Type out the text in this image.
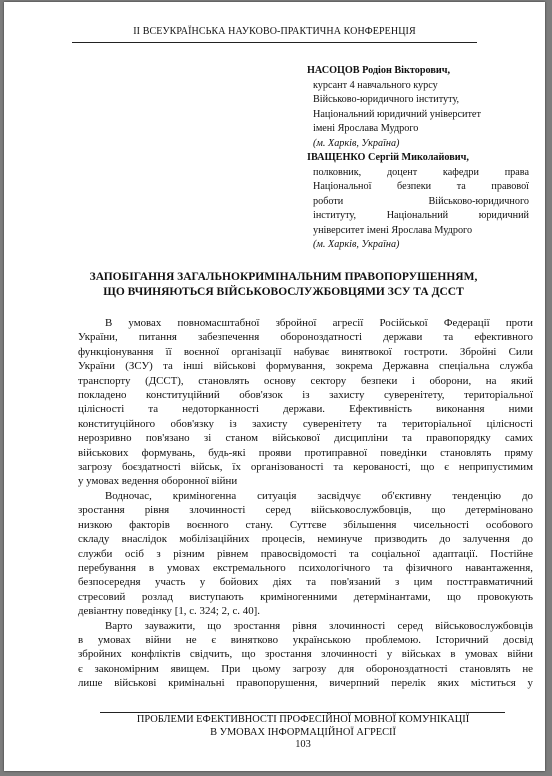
ІІ ВСЕУКРАЇНСЬКА НАУКОВО-ПРАКТИЧНА КОНФЕРЕНЦІЯ
НАСОЦОВ Родіон Вікторович,
курсант 4 навчального курсу
Військово-юридичного інституту,
Національний юридичний університет
імені Ярослава Мудрого
(м. Харків, Україна)
ІВАЩЕНКО Сергій Миколайович,
полковник, доцент кафедри права
Національної безпеки та правової
роботи Військово-юридичного
інституту, Національний юридичний
університет імені Ярослава Мудрого
(м. Харків, Україна)
ЗАПОБІГАННЯ ЗАГАЛЬНОКРИМІНАЛЬНИМ ПРАВОПОРУШЕННЯМ,
ЩО ВЧИНЯЮТЬСЯ ВІЙСЬКОВОСЛУЖБОВЦЯМИ ЗСУ ТА ДССТ
В умовах повномасштабної збройної агресії Російської Федерації проти
України, питання забезпечення обороноздатності держави та ефективного
функціонування її воєнної організації набуває винятвокої гостроти. Збройні Сили
України (ЗСУ) та інші військові формування, зокрема Державна спеціальна служба
транспорту (ДССТ), становлять основу сектору безпеки і оборони, на який
покладено конституційний обов'язок із захисту суверенітету, територіальної
цілісності та недоторканності держави. Ефективність виконання ними
конституційного обов'язку із захисту суверенітету та територіальної цілісності
нерозривно пов'язано зі станом військової дисципліни та правопорядку самих
військових формувань, будь-які прояви протиправної поведінки становлять пряму
загрозу боєздатності військ, їх організованості та керованості, що є неприпустимим
у умовах ведення оборонної війни
Водночас, криміногенна ситуація засвідчує об'єктивну тенденцію до
зростання рівня злочинності серед військовослужбовців, що детерміновано
низкою факторів воєнного стану. Суттєве збільшення чисельності особового
складу внаслідок мобілізаційних процесів, неминуче призводить до залучення до
служби осіб з різним рівнем правосвідомості та соціальної адаптації. Постійне
перебування в умовах екстремального психологічного та фізичного навантаження,
безпосередня участь у бойових діях та пов'язаний з цим посттравматичний
стресовий розлад виступають криміногенними детермінантами, що провокують
девіантну поведінку [1, с. 324; 2, с. 40].
Варто зауважити, що зростання рівня злочинності серед військовослужбовців
в умовах війни не є винятково українською проблемою. Історичний досвід
збройних конфліктів свідчить, що зростання злочинності у військах в умовах війни
є закономірним явищем. При цьому загрозу для обороноздатності становлять не
лише військові кримінальні правопорушення, вичерпний перелік яких міститься у
ПРОБЛЕМИ ЕФЕКТИВНОСТІ ПРОФЕСІЙНОЇ МОВНОЇ КОМУНІКАЦІЇ
В УМОВАХ ІНФОРМАЦІЙНОЇ АГРЕСІЇ
103
